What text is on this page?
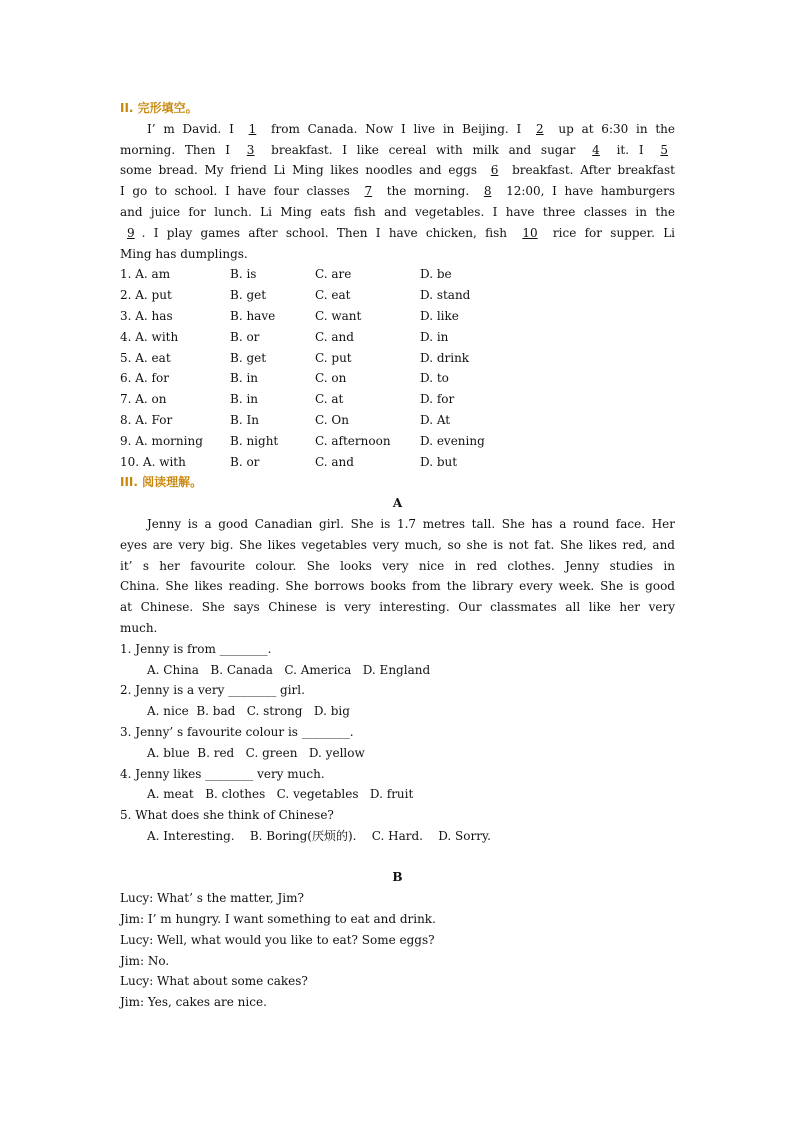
II. 完形填空。
I’ m David. I 1 from Canada. Now I live in Beijing. I 2 up at 6:30 in the
morning. Then I 3 breakfast. I like cereal with milk and sugar 4 it. I 5
some bread. My friend Li Ming likes noodles and eggs 6 breakfast. After breakfast
I go to school. I have four classes 7 the morning. 8 12:00, I have hamburgers
and juice for lunch. Li Ming eats fish and vegetables. I have three classes in the
9 . I play games after school. Then I have chicken, fish 10 rice for supper. Li
Ming has dumplings.
1. A. am	B. is	C. are	D. be
2. A. put	B. get	C. eat	D. stand
3. A. has	B. have	C. want	D. like
4. A. with	B. or	C. and	D. in
5. A. eat	B. get	C. put	D. drink
6. A. for	B. in	C. on	D. to
7. A. on	B. in	C. at	D. for
8. A. For	B. In	C. On	D. At
9. A. morning B. night	C. afternoon D. evening
10. A. with	B. or	C. and	D. but
III. 阅读理解。
A
Jenny is a good Canadian girl. She is 1.7 metres tall. She has a round face. Her
eyes are very big. She likes vegetables very much, so she is not fat. She likes red, and
it’ s her favourite colour. She looks very nice in red clothes. Jenny studies in
China. She likes reading. She borrows books from the library every week. She is good
at Chinese. She says Chinese is very interesting. Our classmates all like her very
much.
1. Jenny is from ________.
A. China   B. Canada   C. America   D. England
2. Jenny is a very ________ girl.
A. nice  B. bad   C. strong   D. big
3. Jenny’ s favourite colour is ________.
A. blue  B. red   C. green   D. yellow
4. Jenny likes ________ very much.
A. meat   B. clothes   C. vegetables   D. fruit
5. What does she think of Chinese?
A. Interesting.    B. Boring(厌烦的).    C. Hard.    D. Sorry.
B
Lucy: What’ s the matter, Jim?
Jim: I’ m hungry. I want something to eat and drink.
Lucy: Well, what would you like to eat? Some eggs?
Jim: No.
Lucy: What about some cakes?
Jim: Yes, cakes are nice.
